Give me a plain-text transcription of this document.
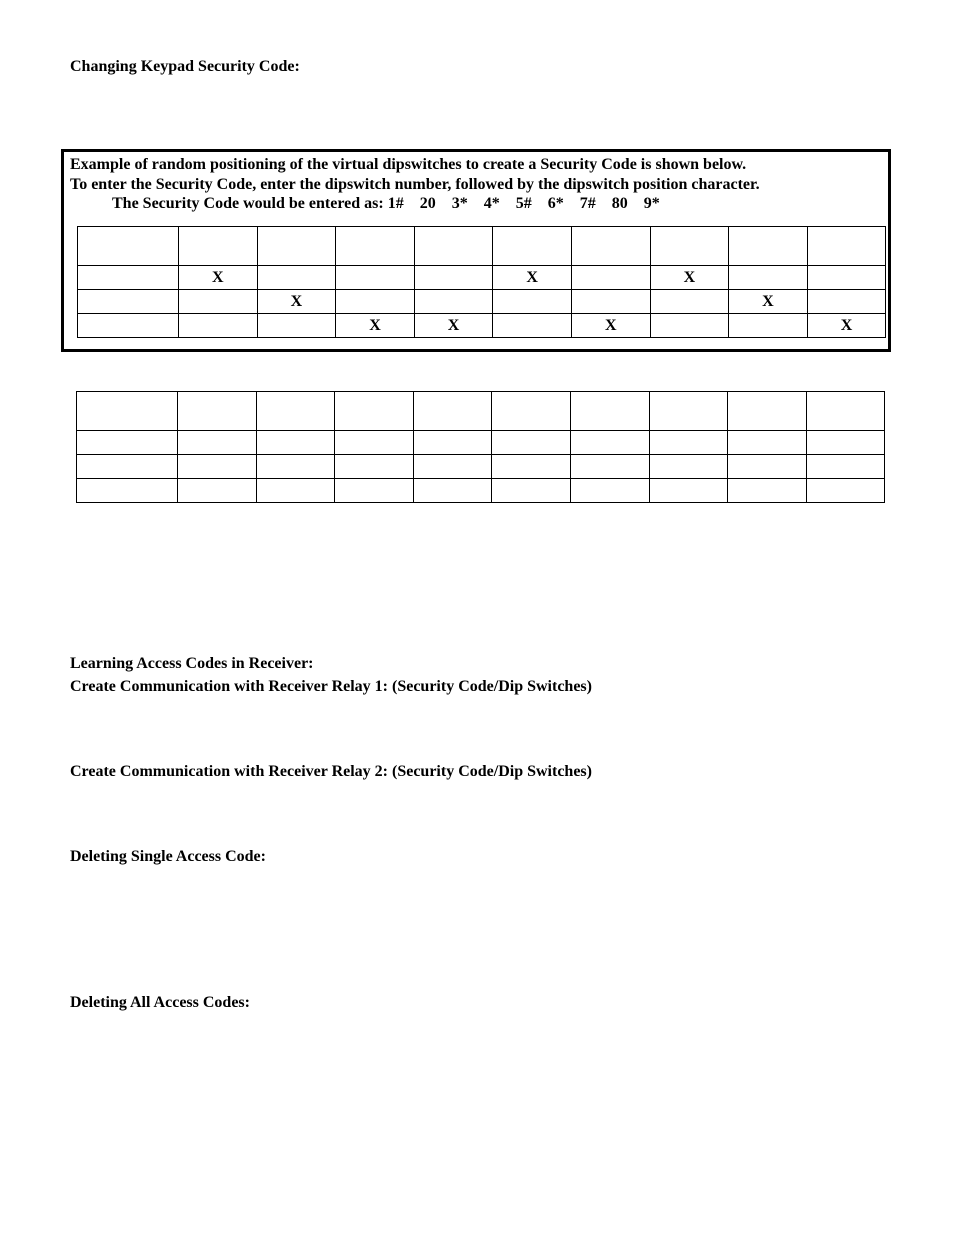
Changing Keypad Security Code:
Example of random positioning of the virtual dipswitches to create a Security Code is shown below.
To enter the Security Code, enter the dipswitch number, followed by the dipswitch position character.
The Security Code would be entered as: 1#    20    3*    4*    5#    6*    7#    80    9*

	X				X		X		
		X						X	
			X	X		X			X

Learning Access Codes in Receiver:
Create Communication with Receiver Relay 1: (Security Code/Dip Switches)
Create Communication with Receiver Relay 2: (Security Code/Dip Switches)
Deleting Single Access Code:
Deleting All Access Codes:
